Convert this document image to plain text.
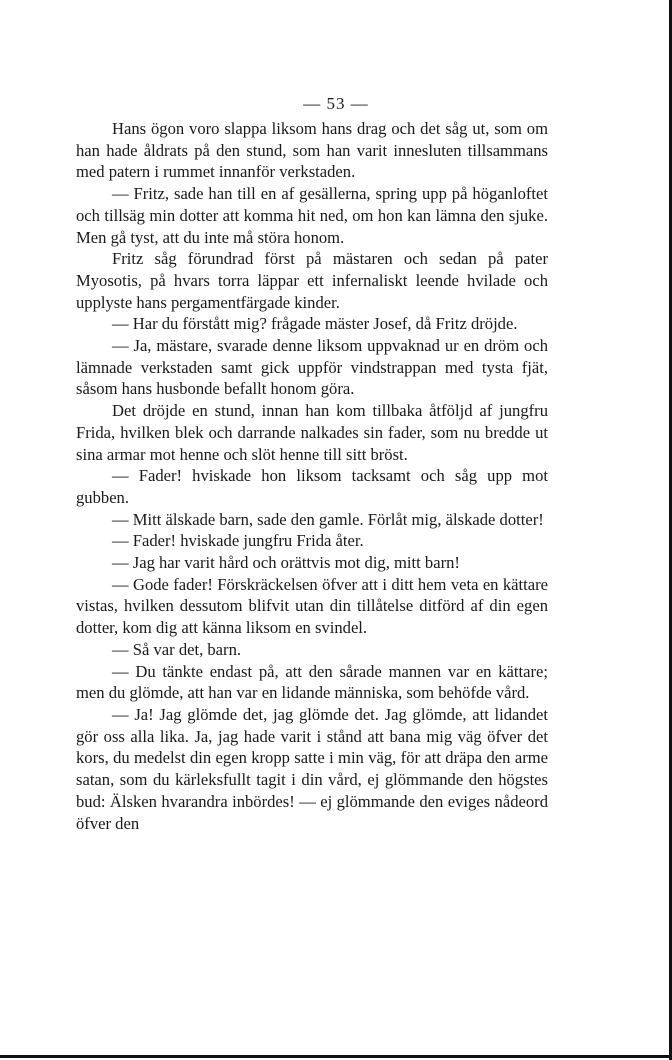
— 53 —

Hans ögon voro slappa liksom hans drag och det såg ut, som om han hade åldrats på den stund, som han varit innesluten tillsammans med patern i rummet innanför verkstaden.

— Fritz, sade han till en af gesällerna, spring upp på höganloftet och tillsäg min dotter att komma hit ned, om hon kan lämna den sjuke. Men gå tyst, att du inte må störa honom.

Fritz såg förundrad först på mästaren och sedan på pater Myosotis, på hvars torra läppar ett infernaliskt leende hvilade och upplyste hans pergamentfärgade kinder.

— Har du förstått mig? frågade mäster Josef, då Fritz dröjde.

— Ja, mästare, svarade denne liksom uppvaknad ur en dröm och lämnade verkstaden samt gick uppför vindstrappan med tysta fjät, såsom hans husbonde befallt honom göra.

Det dröjde en stund, innan han kom tillbaka åtföljd af jungfru Frida, hvilken blek och darrande nalkades sin fader, som nu bredde ut sina armar mot henne och slöt henne till sitt bröst.

— Fader! hviskade hon liksom tacksamt och såg upp mot gubben.

— Mitt älskade barn, sade den gamle. Förlåt mig, älskade dotter!

— Fader! hviskade jungfru Frida åter.

— Jag har varit hård och orättvis mot dig, mitt barn!

— Gode fader! Förskräckelsen öfver att i ditt hem veta en kättare vistas, hvilken dessutom blifvit utan din tillåtelse ditförd af din egen dotter, kom dig att känna liksom en svindel.

— Så var det, barn.

— Du tänkte endast på, att den sårade mannen var en kättare; men du glömde, att han var en lidande människa, som behöfde vård.

— Ja! Jag glömde det, jag glömde det. Jag glömde, att lidandet gör oss alla lika. Ja, jag hade varit i stånd att bana mig väg öfver det kors, du medelst din egen kropp satte i min väg, för att dräpa den arme satan, som du kärleksfullt tagit i din vård, ej glömmande den högstes bud: Älsken hvarandra inbördes! — ej glömmande den eviges nådeord öfver den
